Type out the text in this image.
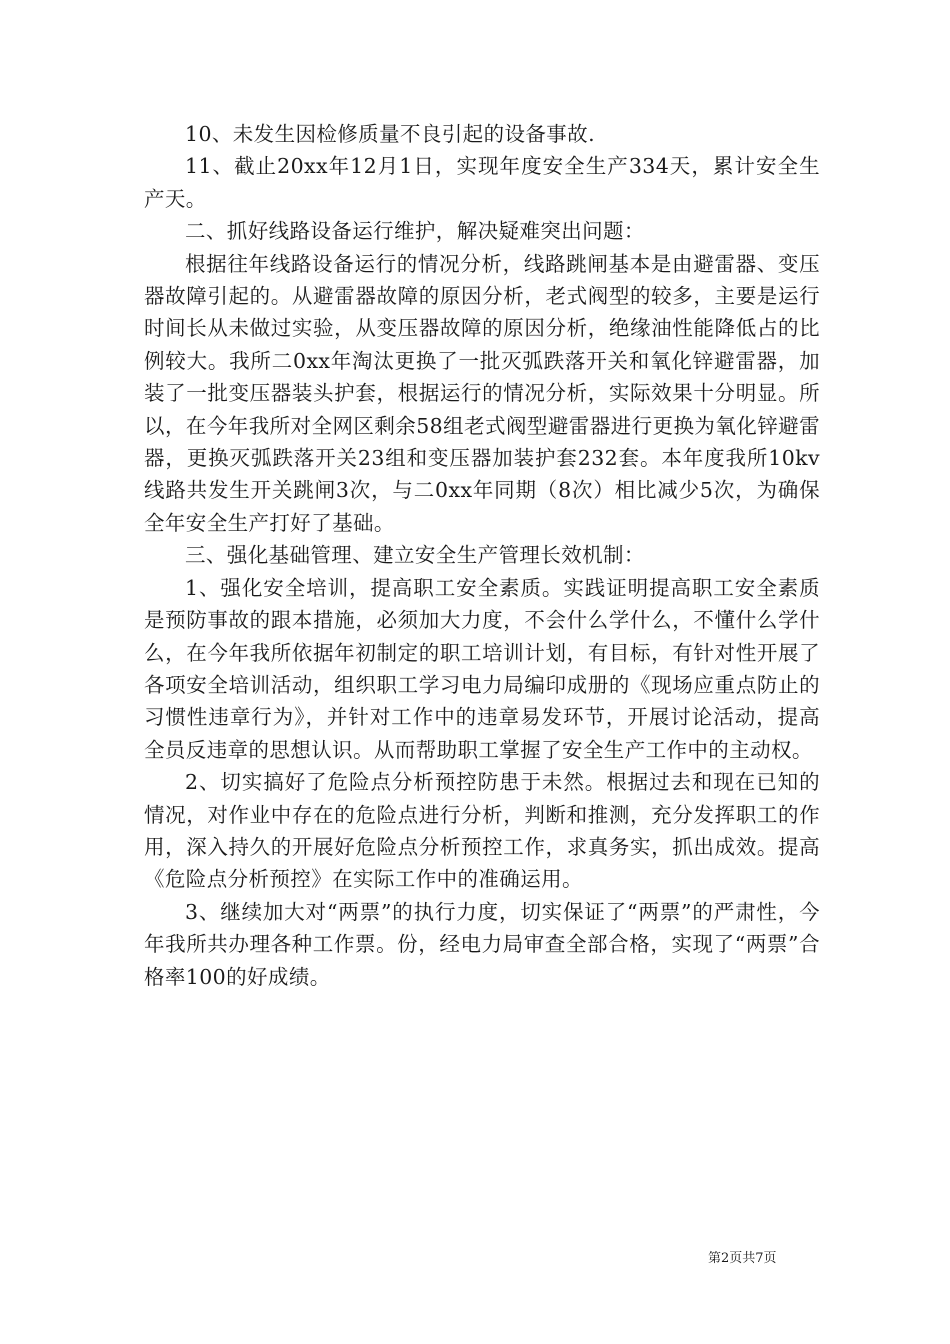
10、未发生因检修质量不良引起的设备事故.

11、截止20xx年12月1日，实现年度安全生产334天，累计安全生产天。

二、抓好线路设备运行维护，解决疑难突出问题：

根据往年线路设备运行的情况分析，线路跳闸基本是由避雷器、变压器故障引起的。从避雷器故障的原因分析，老式阀型的较多，主要是运行时间长从未做过实验，从变压器故障的原因分析，绝缘油性能降低占的比例较大。我所二0xx年淘汰更换了一批灭弧跌落开关和氧化锌避雷器，加装了一批变压器装头护套，根据运行的情况分析，实际效果十分明显。所以，在今年我所对全网区剩余58组老式阀型避雷器进行更换为氧化锌避雷器，更换灭弧跌落开关23组和变压器加装护套232套。本年度我所10kv线路共发生开关跳闸3次，与二0xx年同期（8次）相比减少5次，为确保全年安全生产打好了基础。

三、强化基础管理、建立安全生产管理长效机制：

1、强化安全培训，提高职工安全素质。实践证明提高职工安全素质是预防事故的跟本措施，必须加大力度，不会什么学什么，不懂什么学什么，在今年我所依据年初制定的职工培训计划，有目标，有针对性开展了各项安全培训活动，组织职工学习电力局编印成册的《现场应重点防止的习惯性违章行为》，并针对工作中的违章易发环节，开展讨论活动，提高全员反违章的思想认识。从而帮助职工掌握了安全生产工作中的主动权。

2、切实搞好了危险点分析预控防患于未然。根据过去和现在已知的情况，对作业中存在的危险点进行分析，判断和推测，充分发挥职工的作用，深入持久的开展好危险点分析预控工作，求真务实，抓出成效。提高《危险点分析预控》在实际工作中的准确运用。

3、继续加大对“两票”的执行力度，切实保证了“两票”的严肃性，今年我所共办理各种工作票。份，经电力局审查全部合格，实现了“两票”合格率100的好成绩。

第2页共7页
